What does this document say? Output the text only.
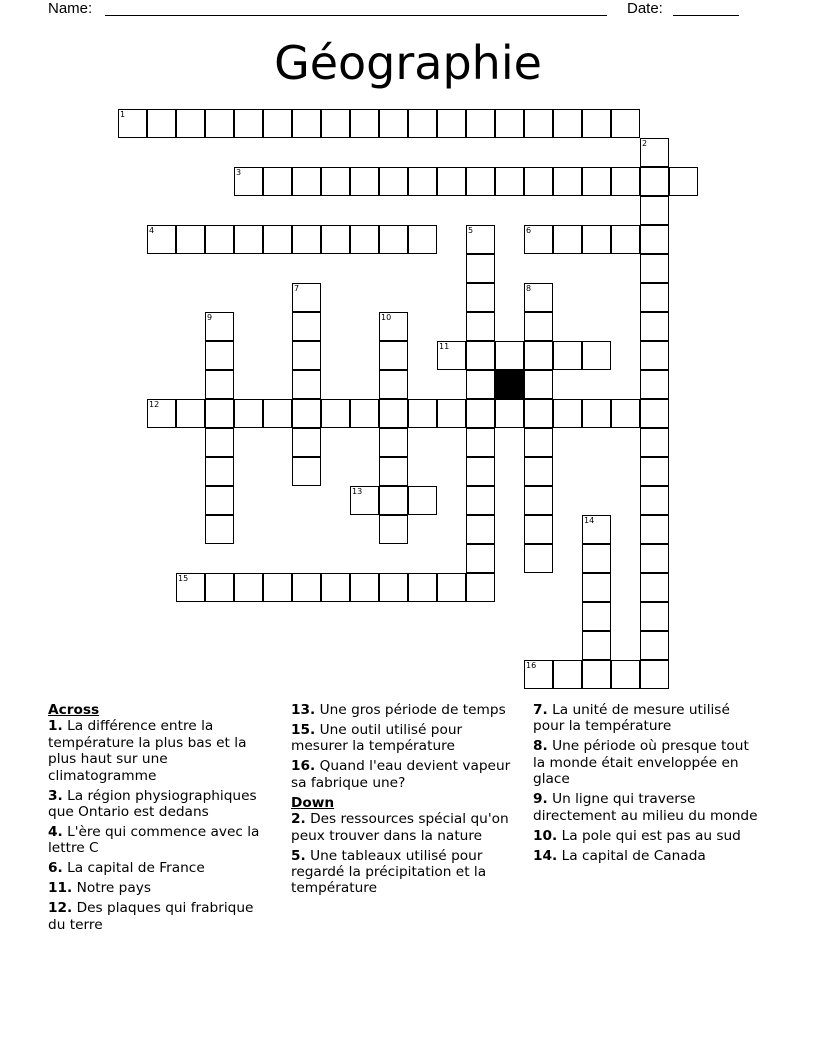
Name:	Date:
Géographie
1
2
3
4	5	6
7	8
9	10
11
12
13
14
15
16
Across
1. La différence entre la température la plus bas et la plus haut sur une climatogramme
3. La région physiographiques que Ontario est dedans
4. L'ère qui commence avec la lettre C
6. La capital de France
11. Notre pays
12. Des plaques qui frabrique du terre
13. Une gros période de temps
15. Une outil utilisé pour mesurer la température
16. Quand l'eau devient vapeur sa fabrique une?
Down
2. Des ressources spécial qu'on peux trouver dans la nature
5. Une tableaux utilisé pour regardé la précipitation et la température
7. La unité de mesure utilisé pour la température
8. Une période où presque tout la monde était enveloppée en glace
9. Un ligne qui traverse directement au milieu du monde
10. La pole qui est pas au sud
14. La capital de Canada
